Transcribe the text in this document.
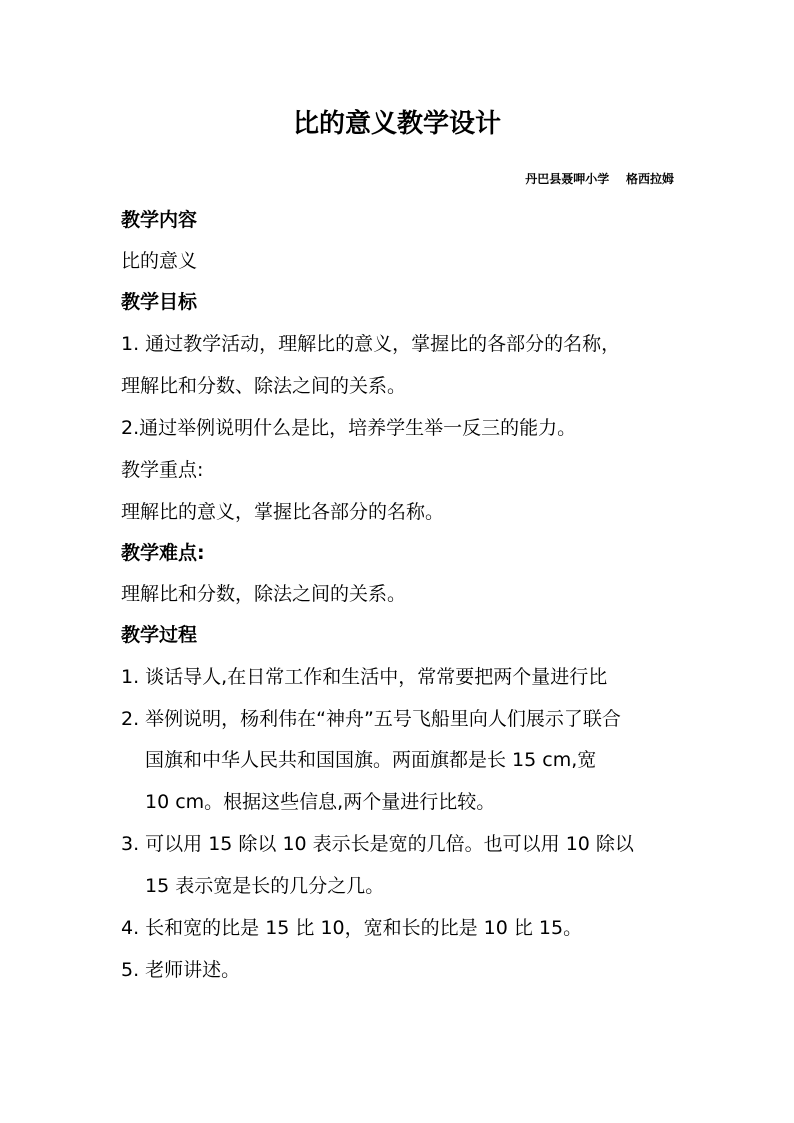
比的意义教学设计
丹巴县聂呷小学    格西拉姆
教学内容
比的意义
教学目标
1. 通过教学活动，理解比的意义，掌握比的各部分的名称，
理解比和分数、除法之间的关系。
2.通过举例说明什么是比，培养学生举一反三的能力。
教学重点:
理解比的意义，掌握比各部分的名称。
教学难点:
理解比和分数，除法之间的关系。
教学过程
1. 谈话导人,在日常工作和生活中，常常要把两个量进行比
2. 举例说明，杨利伟在“神舟”五号飞船里向人们展示了联合
国旗和中华人民共和国国旗。两面旗都是长 15 cm,宽
10 cm。根据这些信息,两个量进行比较。
3. 可以用 15 除以 10 表示长是宽的几倍。也可以用 10 除以
15 表示宽是长的几分之几。
4. 长和宽的比是 15 比 10，宽和长的比是 10 比 15。
5. 老师讲述。
